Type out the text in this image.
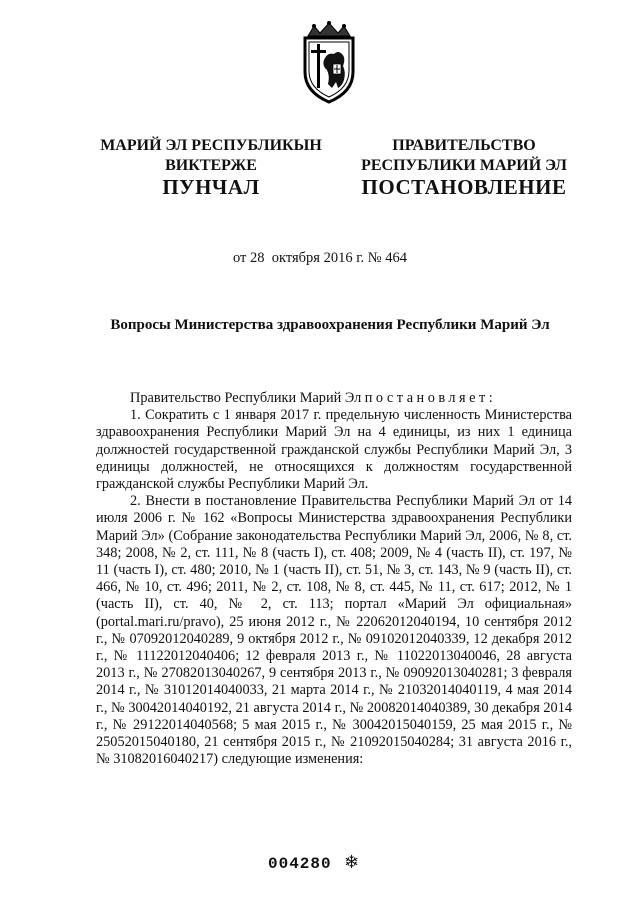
МАРИЙ ЭЛ РЕСПУБЛИКЫН
ВИКТЕРЖЕ
ПРАВИТЕЛЬСТВО
РЕСПУБЛИКИ МАРИЙ ЭЛ
ПУНЧАЛ	ПОСТАНОВЛЕНИЕ
от 28 октября 2016 г. № 464
Вопросы Министерства здравоохранения Республики Марий Эл

Правительство Республики Марий Эл постановляет:

1. Сократить с 1 января 2017 г. предельную численность Министерства здравоохранения Республики Марий Эл на 4 единицы, из них 1 единица должностей государственной гражданской службы Республики Марий Эл, 3 единицы должностей, не относящихся к должностям государственной гражданской службы Республики Марий Эл.

2. Внести в постановление Правительства Республики Марий Эл от 14 июля 2006 г. № 162 «Вопросы Министерства здравоохранения Республики Марий Эл» (Собрание законодательства Республики Марий Эл, 2006, № 8, ст. 348; 2008, № 2, ст. 111, № 8 (часть I), ст. 408; 2009, № 4 (часть II), ст. 197, № 11 (часть I), ст. 480; 2010, № 1 (часть II), ст. 51, № 3, ст. 143, № 9 (часть II), ст. 466, № 10, ст. 496; 2011, № 2, ст. 108, № 8, ст. 445, № 11, ст. 617; 2012, № 1 (часть II), ст. 40, № 2, ст. 113; портал «Марий Эл официальная» (portal.mari.ru/pravo), 25 июня 2012 г., № 22062012040194, 10 сентября 2012 г., № 07092012040289, 9 октября 2012 г., № 09102012040339, 12 декабря 2012 г., № 11122012040406; 12 февраля 2013 г., № 11022013040046, 28 августа 2013 г., № 27082013040267, 9 сентября 2013 г., № 09092013040281; 3 февраля 2014 г., № 31012014040033, 21 марта 2014 г., № 21032014040119, 4 мая 2014 г., № 30042014040192, 21 августа 2014 г., № 20082014040389, 30 декабря 2014 г., № 29122014040568; 5 мая 2015 г., № 30042015040159, 25 мая 2015 г., № 25052015040180, 21 сентября 2015 г., № 21092015040284; 31 августа 2016 г., № 31082016040217) следующие изменения:

004280 ❄
